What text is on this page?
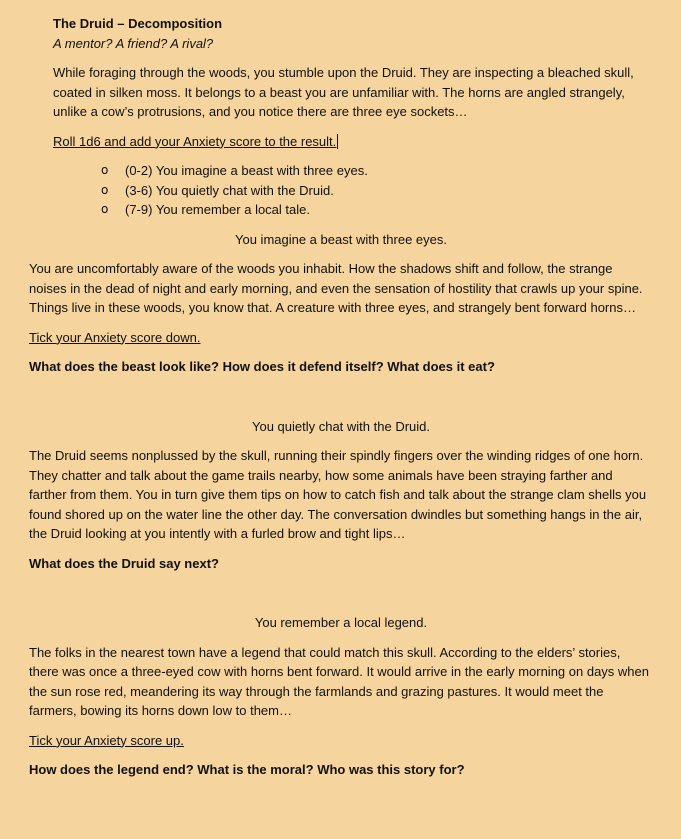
The Druid – Decomposition

A mentor? A friend? A rival?

While foraging through the woods, you stumble upon the Druid. They are inspecting a bleached skull, coated in silken moss. It belongs to a beast you are unfamiliar with. The horns are angled strangely, unlike a cow’s protrusions, and you notice there are three eye sockets…

Roll 1d6 and add your Anxiety score to the result.

o (0-2) You imagine a beast with three eyes.
o (3-6) You quietly chat with the Druid.
o (7-9) You remember a local tale.

You imagine a beast with three eyes.

You are uncomfortably aware of the woods you inhabit. How the shadows shift and follow, the strange noises in the dead of night and early morning, and even the sensation of hostility that crawls up your spine. Things live in these woods, you know that. A creature with three eyes, and strangely bent forward horns…

Tick your Anxiety score down.

What does the beast look like? How does it defend itself? What does it eat?

You quietly chat with the Druid.

The Druid seems nonplussed by the skull, running their spindly fingers over the winding ridges of one horn. They chatter and talk about the game trails nearby, how some animals have been straying farther and farther from them. You in turn give them tips on how to catch fish and talk about the strange clam shells you found shored up on the water line the other day. The conversation dwindles but something hangs in the air, the Druid looking at you intently with a furled brow and tight lips…

What does the Druid say next?

You remember a local legend.

The folks in the nearest town have a legend that could match this skull. According to the elders’ stories, there was once a three-eyed cow with horns bent forward. It would arrive in the early morning on days when the sun rose red, meandering its way through the farmlands and grazing pastures. It would meet the farmers, bowing its horns down low to them…

Tick your Anxiety score up.

How does the legend end? What is the moral? Who was this story for?
